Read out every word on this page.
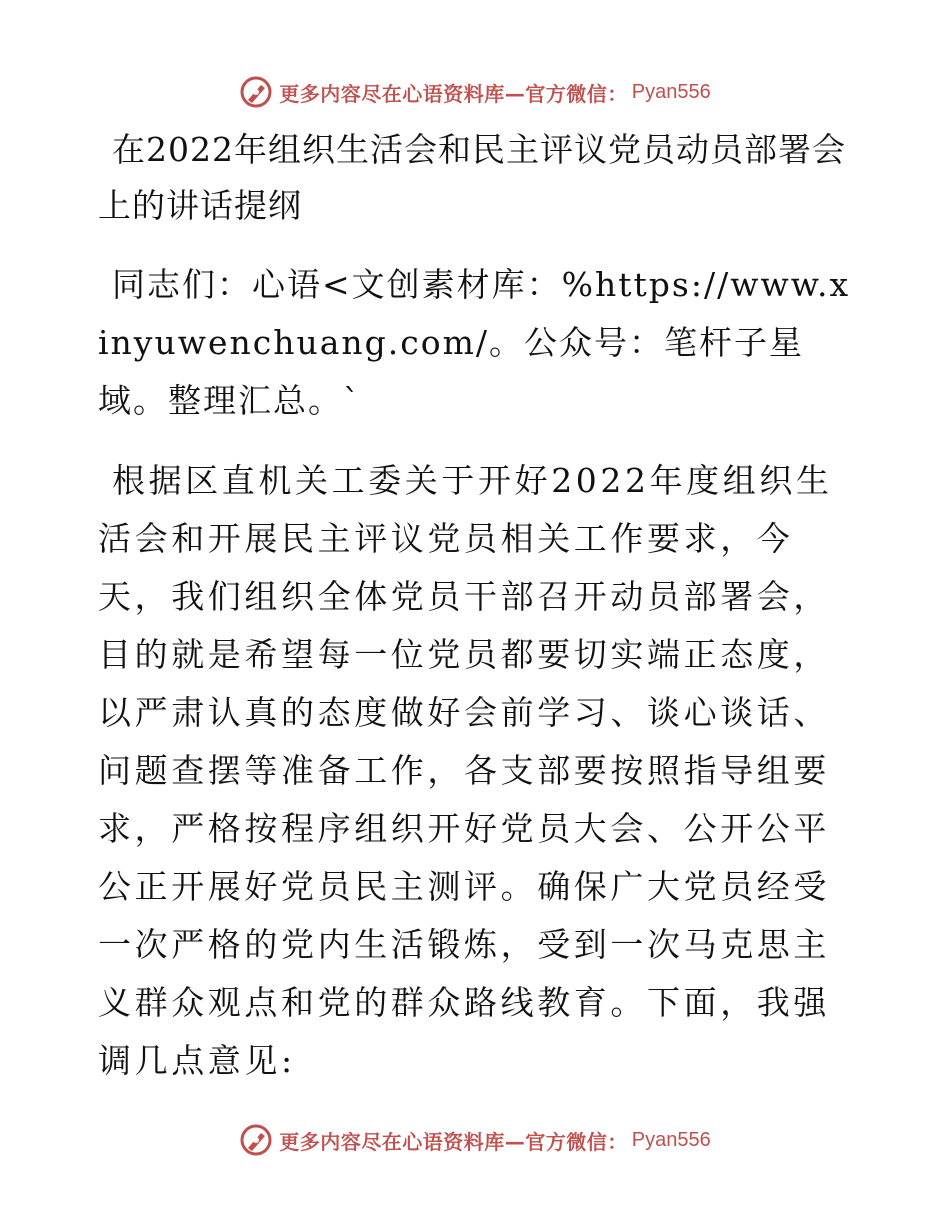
更多内容尽在心语资料库—官方微信： Pyan556
在2022年组织生活会和民主评议党员动员部署会上的讲话提纲

同志们：心语<文创素材库：%https://www.xinyuwenchuang.com/。公众号：笔杆子星域。整理汇总。`

根据区直机关工委关于开好2022年度组织生活会和开展民主评议党员相关工作要求，今天，我们组织全体党员干部召开动员部署会，目的就是希望每一位党员都要切实端正态度，以严肃认真的态度做好会前学习、谈心谈话、问题查摆等准备工作，各支部要按照指导组要求，严格按程序组织开好党员大会、公开公平公正开展好党员民主测评。确保广大党员经受一次严格的党内生活锻炼，受到一次马克思主义群众观点和党的群众路线教育。下面，我强调几点意见:

更多内容尽在心语资料库—官方微信： Pyan556
